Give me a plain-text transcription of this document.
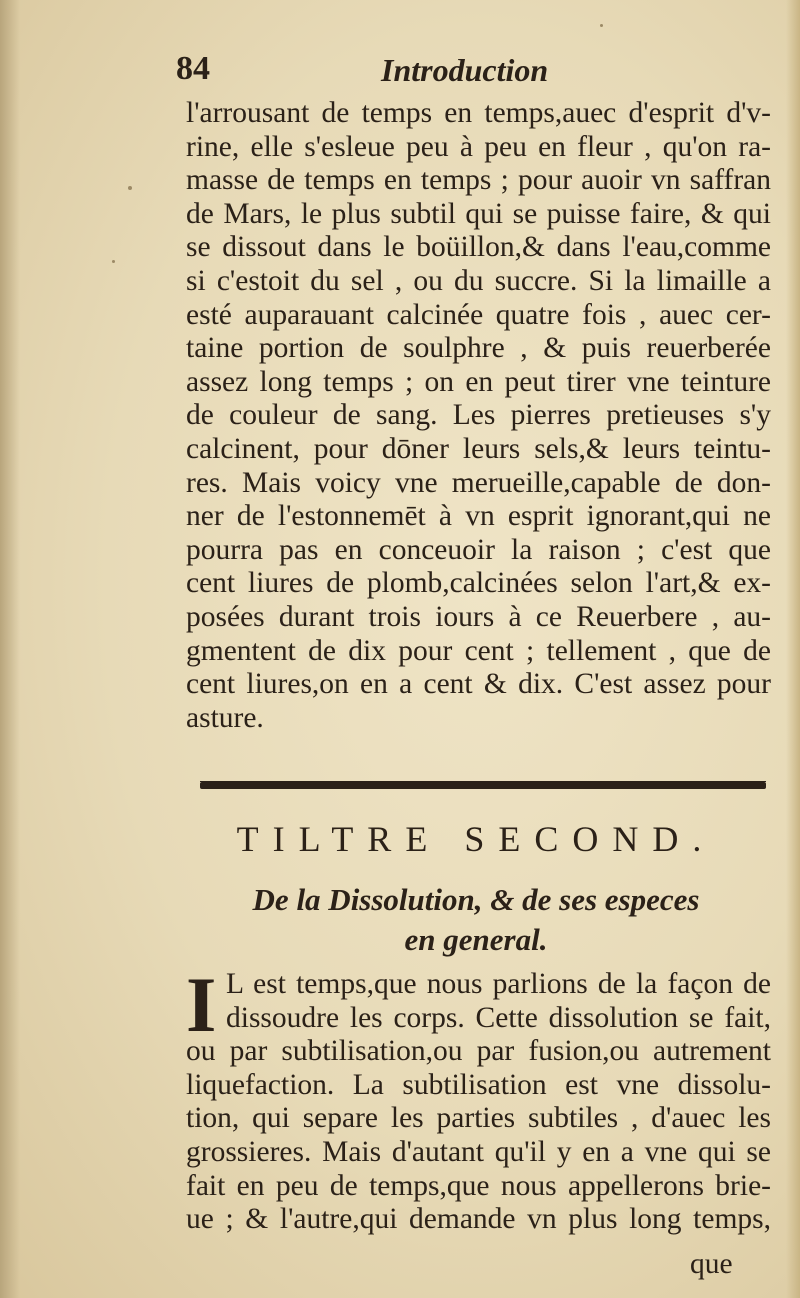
84	Introduction
l'arrousant de temps en temps,auec d'esprit d'v-
rine, elle s'esleue peu à peu en fleur , qu'on ra-
masse de temps en temps ; pour auoir vn saffran
de Mars, le plus subtil qui se puisse faire, & qui
se dissout dans le boüillon,& dans l'eau,comme
si c'estoit du sel , ou du succre. Si la limaille a
esté auparauant calcinée quatre fois , auec cer-
taine portion de soulphre , & puis reuerberée
assez long temps ; on en peut tirer vne teinture
de couleur de sang. Les pierres pretieuses s'y
calcinent, pour dōner leurs sels,& leurs teintu-
res. Mais voicy vne merueille,capable de don-
ner de l'estonnemēt à vn esprit ignorant,qui ne
pourra pas en conceuoir la raison ; c'est que
cent liures de plomb,calcinées selon l'art,& ex-
posées durant trois iours à ce Reuerbere , au-
gmentent de dix pour cent ; tellement , que de
cent liures,on en a cent & dix. C'est assez pour
asture.
TILTRE SECOND.
De la Dissolution, & de ses especes
en general.
I L est temps,que nous parlions de la façon de
dissoudre les corps. Cette dissolution se fait,
ou par subtilisation,ou par fusion,ou autrement
liquefaction. La subtilisation est vne dissolu-
tion, qui separe les parties subtiles , d'auec les
grossieres. Mais d'autant qu'il y en a vne qui se
fait en peu de temps,que nous appellerons brie-
ue ; & l'autre,qui demande vn plus long temps,
que
